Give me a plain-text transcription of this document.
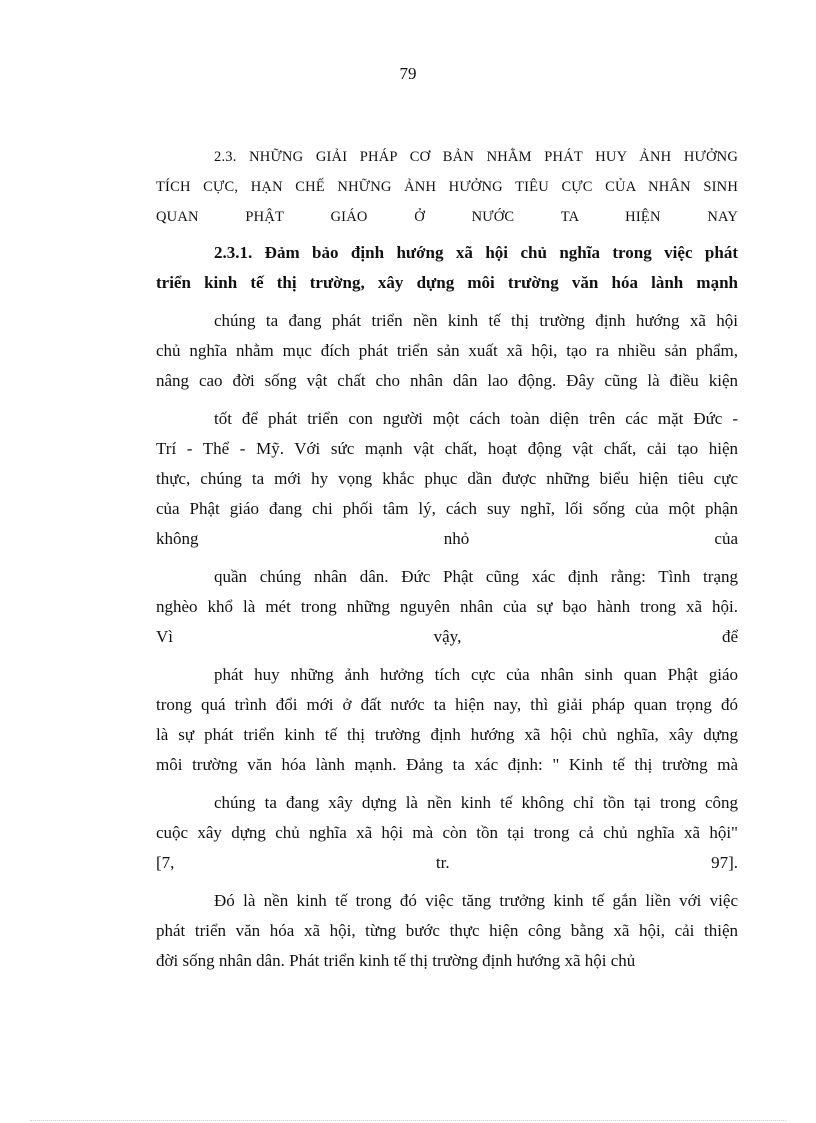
79
2.3. NHỮNG GIẢI PHÁP CƠ BẢN NHẰM PHÁT HUY ẢNH HƯỞNG
TÍCH CỰC, HẠN CHẾ NHỮNG ẢNH HƯỞNG TIÊU CỰC CỦA NHÂN SINH
QUAN PHẬT GIÁO Ở NƯỚC TA HIỆN NAY
2.3.1. Đảm bảo định hướng xã hội chủ nghĩa trong việc phát
triển kinh tế thị trường, xây dựng môi trường văn hóa lành mạnh
chúng ta đang phát triển nền kinh tế thị trường định hướng xã hội
chủ nghĩa nhằm mục đích phát triển sản xuất xã hội, tạo ra nhiều sản phẩm,
nâng cao đời sống vật chất cho nhân dân lao động. Đây cũng là điều kiện
tốt để phát triển con người một cách toàn diện trên các mặt Đức -
Trí - Thể - Mỹ. Với sức mạnh vật chất, hoạt động vật chất, cải tạo hiện
thực, chúng ta mới hy vọng khắc phục dần được những biểu hiện tiêu cực
của Phật giáo đang chi phối tâm lý, cách suy nghĩ, lối sống của một phận
không nhỏ của
quần chúng nhân dân. Đức Phật cũng xác định rằng: Tình trạng
nghèo khổ là mét trong những nguyên nhân của sự bạo hành trong xã hội.
Vì vậy, để
phát huy những ảnh hưởng tích cực của nhân sinh quan Phật giáo
trong quá trình đổi mới ở đất nước ta hiện nay, thì giải pháp quan trọng đó
là sự phát triển kinh tế thị trường định hướng xã hội chủ nghĩa, xây dựng
môi trường văn hóa lành mạnh. Đảng ta xác định: " Kinh tế thị trường mà
chúng ta đang xây dựng là nền kinh tế không chỉ tồn tại trong công
cuộc xây dựng chủ nghĩa xã hội mà còn tồn tại trong cả chủ nghĩa xã hội"
[7, tr. 97].
Đó là nền kinh tế trong đó việc tăng trưởng kinh tế gắn liền với việc
phát triển văn hóa xã hội, từng bước thực hiện công bằng xã hội, cải thiện
đời sống nhân dân. Phát triển kinh tế thị trường định hướng xã hội chủ
